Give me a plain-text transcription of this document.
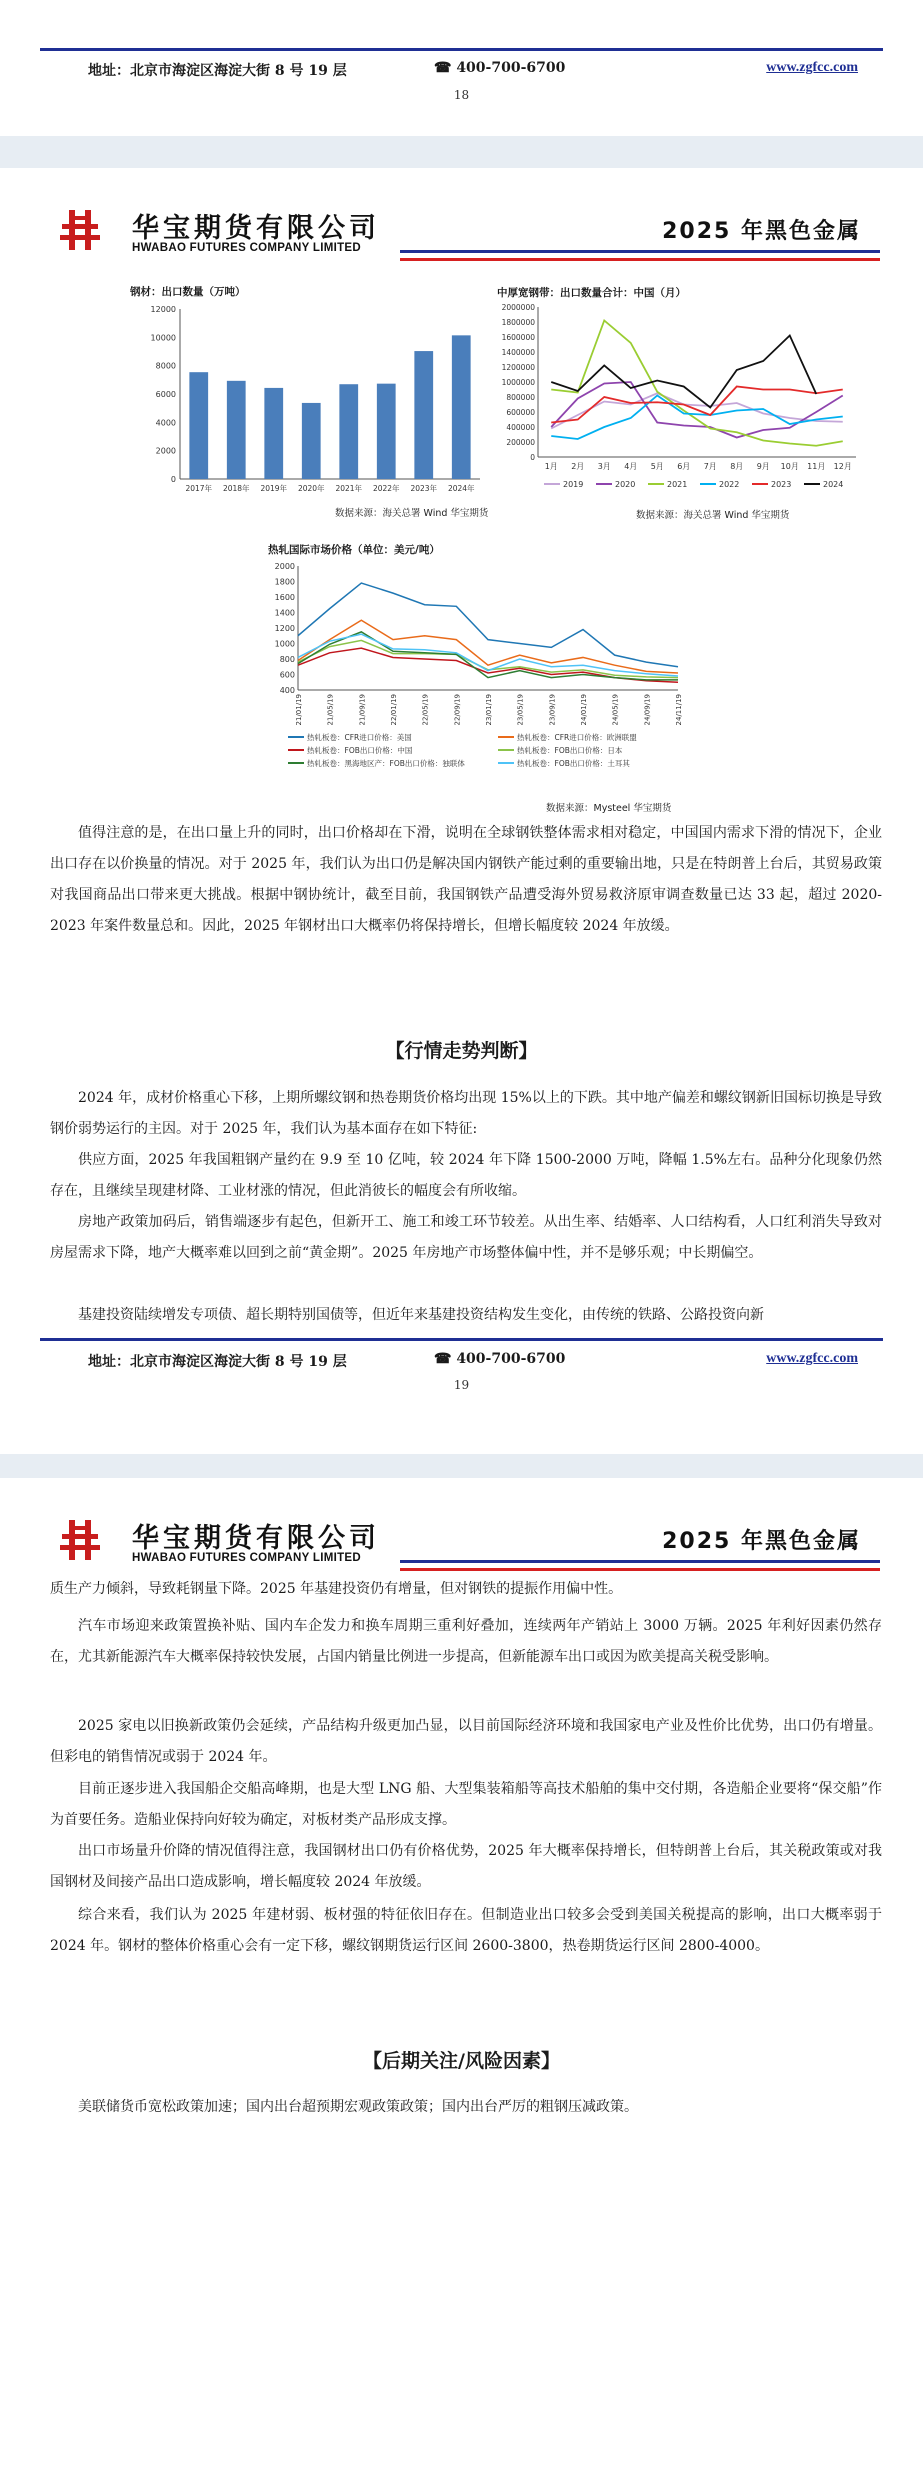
地址：北京市海淀区海淀大街 8 号 19 层	☎ 400-700-6700	www.zgfcc.com
18
华宝期货有限公司
HWABAO FUTURES COMPANY LIMITED
2025 年黑色金属
钢材：出口数量（万吨）
0
2000
4000
6000
8000
10000
12000
2017年 2018年 2019年 2020年 2021年 2022年 2023年 2024年
数据来源：海关总署 Wind 华宝期货
中厚宽钢带：出口数量合计：中国（月）
0
200000
400000
600000
800000
1000000
1200000
1400000
1600000
1800000
2000000
1月 2月 3月 4月 5月 6月 7月 8月 9月 10月 11月 12月
2019	2020	2021	2022	2023	2024
数据来源：海关总署 Wind 华宝期货
热轧国际市场价格（单位：美元/吨）
400
600
800
1000
1200
1400
1600
1800
2000
21/01/19	21/05/19	21/09/19	22/01/19	22/05/19	22/09/19	23/01/19	23/05/19	23/09/19	24/01/19	24/05/19	24/09/19	24/11/19
热轧板卷：CFR进口价格：美国	热轧板卷：CFR进口价格：欧洲联盟
热轧板卷：FOB出口价格：中国	热轧板卷：FOB出口价格：日本
热轧板卷：黑海地区产：FOB出口价格：独联体	热轧板卷：FOB出口价格：土耳其
数据来源：Mysteel 华宝期货

值得注意的是，在出口量上升的同时，出口价格却在下滑，说明在全球钢铁整体需求相对稳定，中国国内需求下滑的情况下，企业出口存在以价换量的情况。对于 2025 年，我们认为出口仍是解决国内钢铁产能过剩的重要输出地，只是在特朗普上台后，其贸易政策对我国商品出口带来更大挑战。根据中钢协统计，截至目前，我国钢铁产品遭受海外贸易救济原审调查数量已达 33 起，超过 2020-2023 年案件数量总和。因此，2025 年钢材出口大概率仍将保持增长，但增长幅度较 2024 年放缓。

【行情走势判断】

2024 年，成材价格重心下移，上期所螺纹钢和热卷期货价格均出现 15%以上的下跌。其中地产偏差和螺纹钢新旧国标切换是导致钢价弱势运行的主因。对于 2025 年，我们认为基本面存在如下特征:

供应方面，2025 年我国粗钢产量约在 9.9 至 10 亿吨，较 2024 年下降 1500-2000 万吨，降幅 1.5%左右。品种分化现象仍然存在，且继续呈现建材降、工业材涨的情况，但此消彼长的幅度会有所收缩。

房地产政策加码后，销售端逐步有起色，但新开工、施工和竣工环节较差。从出生率、结婚率、人口结构看，人口红利消失导致对房屋需求下降，地产大概率难以回到之前“黄金期”。2025 年房地产市场整体偏中性，并不是够乐观；中长期偏空。

基建投资陆续增发专项债、超长期特别国债等，但近年来基建投资结构发生变化，由传统的铁路、公路投资向新

地址：北京市海淀区海淀大街 8 号 19 层	☎ 400-700-6700	www.zgfcc.com
19
华宝期货有限公司
HWABAO FUTURES COMPANY LIMITED
2025 年黑色金属

质生产力倾斜，导致耗钢量下降。2025 年基建投资仍有增量，但对钢铁的提振作用偏中性。

汽车市场迎来政策置换补贴、国内车企发力和换车周期三重利好叠加，连续两年产销站上 3000 万辆。2025 年利好因素仍然存在，尤其新能源汽车大概率保持较快发展，占国内销量比例进一步提高，但新能源车出口或因为欧美提高关税受影响。

2025 家电以旧换新政策仍会延续，产品结构升级更加凸显，以目前国际经济环境和我国家电产业及性价比优势，出口仍有增量。但彩电的销售情况或弱于 2024 年。

目前正逐步进入我国船企交船高峰期，也是大型 LNG 船、大型集装箱船等高技术船舶的集中交付期，各造船企业要将“保交船”作为首要任务。造船业保持向好较为确定，对板材类产品形成支撑。

出口市场量升价降的情况值得注意，我国钢材出口仍有价格优势，2025 年大概率保持增长，但特朗普上台后，其关税政策或对我国钢材及间接产品出口造成影响，增长幅度较 2024 年放缓。

综合来看，我们认为 2025 年建材弱、板材强的特征依旧存在。但制造业出口较多会受到美国关税提高的影响，出口大概率弱于 2024 年。钢材的整体价格重心会有一定下移，螺纹钢期货运行区间 2600-3800，热卷期货运行区间 2800-4000。

【后期关注/风险因素】

美联储货币宽松政策加速；国内出台超预期宏观政策政策；国内出台严厉的粗钢压减政策。
